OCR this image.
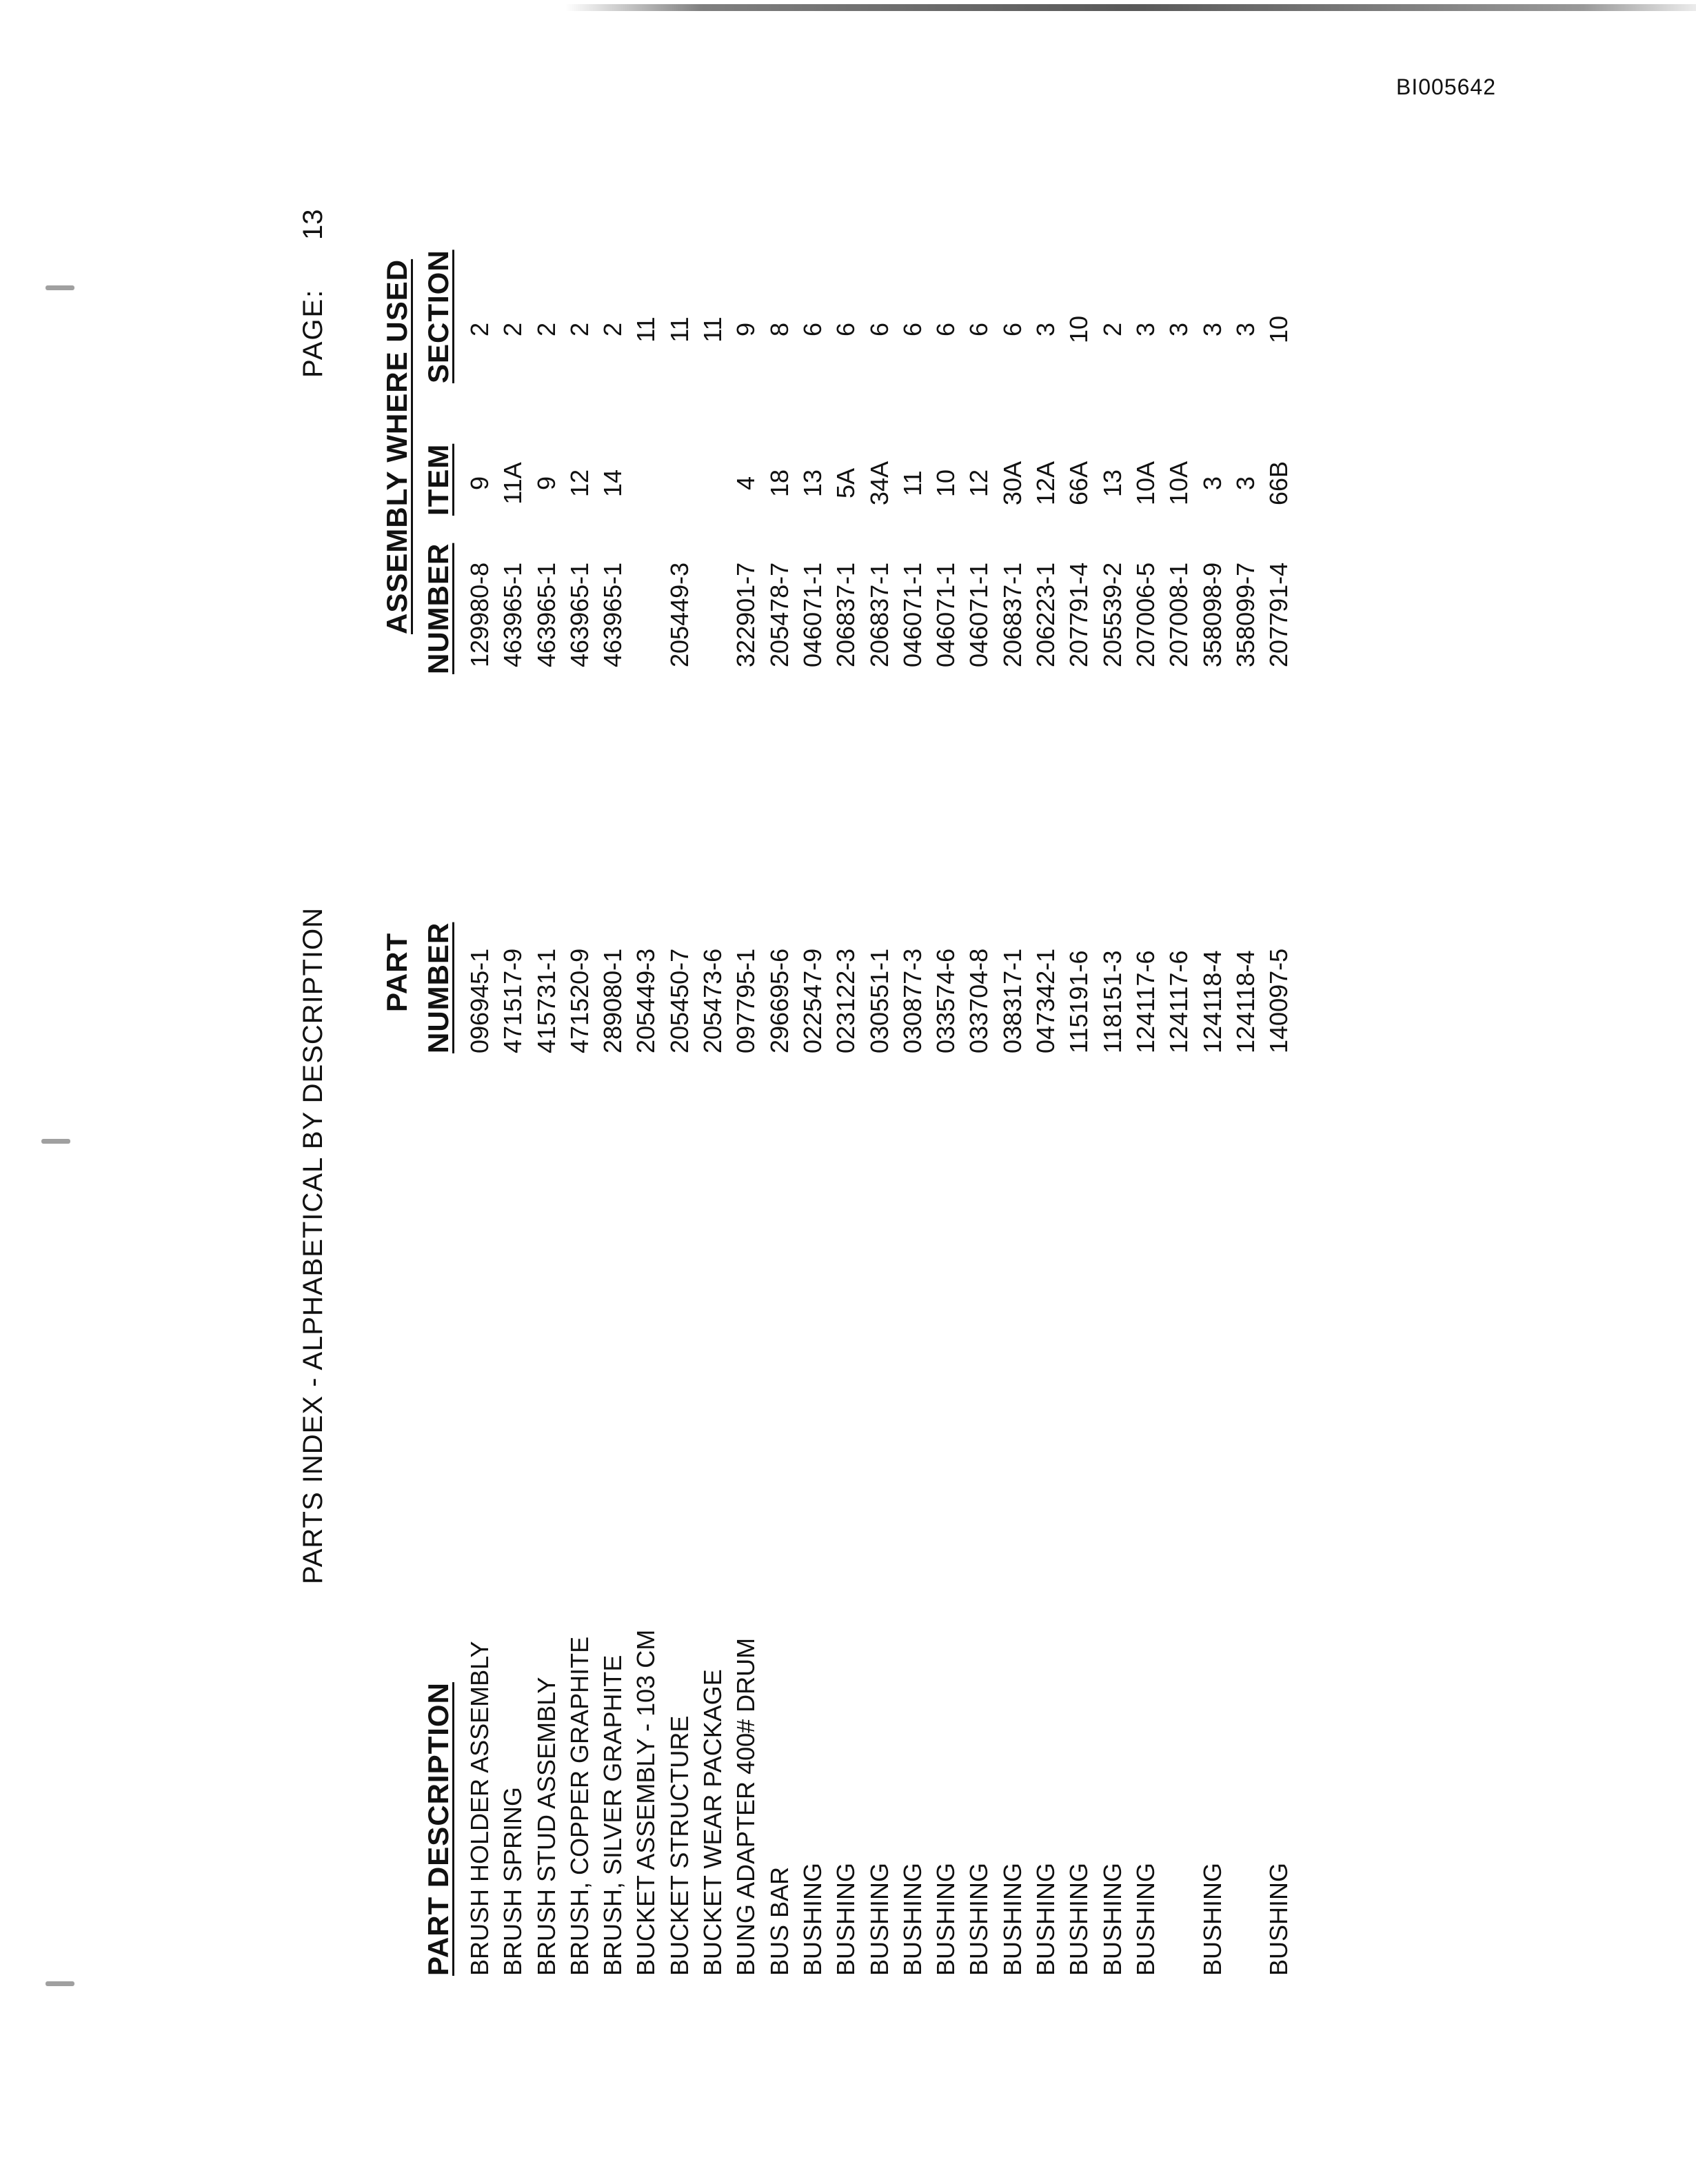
BI005642
PARTS INDEX - ALPHABETICAL BY DESCRIPTION
PAGE:
13
PART DESCRIPTION
PART NUMBER
ASSEMBLY WHERE USED NUMBER
ITEM
SECTION
BRUSH HOLDER ASSEMBLY
096945-1
129980-8
9
2
BRUSH SPRING
471517-9
463965-1
11A
2
BRUSH STUD ASSEMBLY
415731-1
463965-1
9
2
BRUSH, COPPER GRAPHITE
471520-9
463965-1
12
2
BRUSH, SILVER GRAPHITE
289080-1
463965-1
14
2
BUCKET ASSEMBLY - 103 CM
205449-3
11
BUCKET STRUCTURE
205450-7
205449-3
11
BUCKET WEAR PACKAGE
205473-6
11
BUNG ADAPTER 400# DRUM
097795-1
322901-7
4
9
BUS BAR
296695-6
205478-7
18
8
BUSHING
022547-9
046071-1
13
6
BUSHING
023122-3
206837-1
5A
6
BUSHING
030551-1
206837-1
34A
6
BUSHING
030877-3
046071-1
11
6
BUSHING
033574-6
046071-1
10
6
BUSHING
033704-8
046071-1
12
6
BUSHING
038317-1
206837-1
30A
6
BUSHING
047342-1
206223-1
12A
3
BUSHING
115191-6
207791-4
66A
10
BUSHING
118151-3
205539-2
13
2
BUSHING
124117-6
207006-5
10A
3
124117-6
207008-1
10A
3
BUSHING
124118-4
358098-9
3
3
124118-4
358099-7
3
3
BUSHING
140097-5
207791-4
66B
10
